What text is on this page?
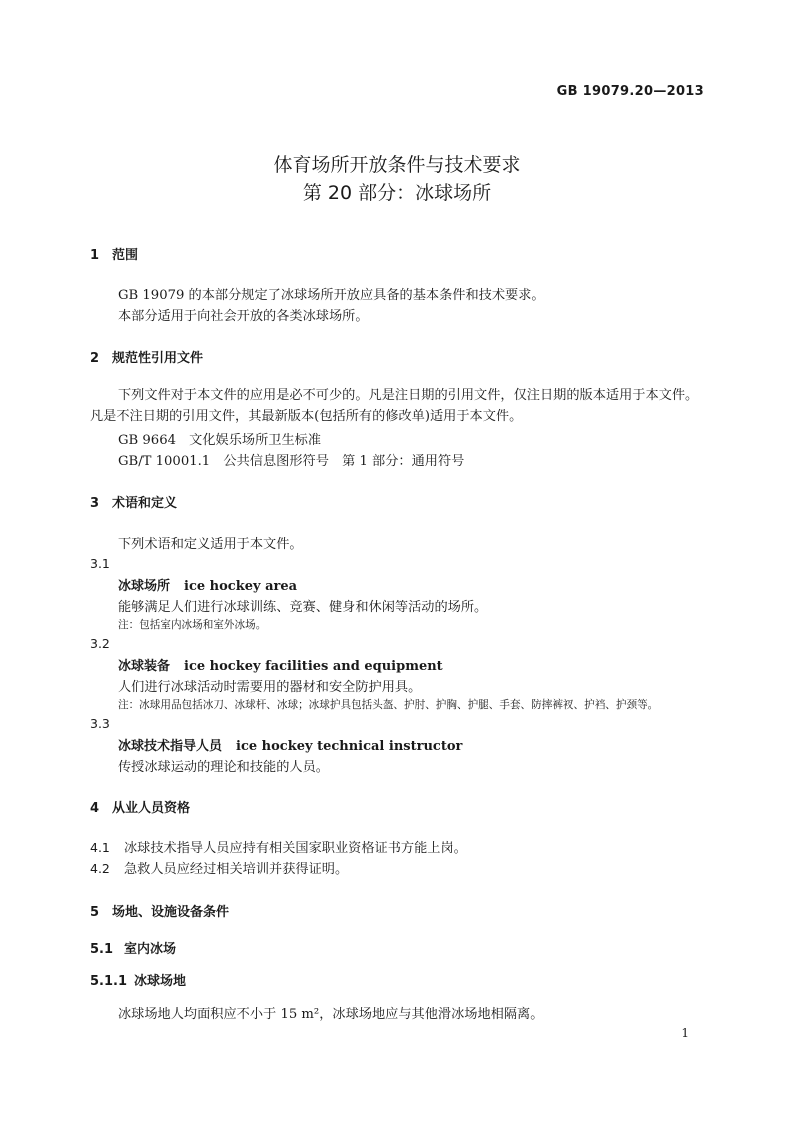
GB 19079.20—2013
体育场所开放条件与技术要求
第 20 部分：冰球场所
1 范围
GB 19079 的本部分规定了冰球场所开放应具备的基本条件和技术要求。
本部分适用于向社会开放的各类冰球场所。
2 规范性引用文件
下列文件对于本文件的应用是必不可少的。凡是注日期的引用文件，仅注日期的版本适用于本文件。凡是不注日期的引用文件，其最新版本(包括所有的修改单)适用于本文件。
GB 9664　文化娱乐场所卫生标准
GB/T 10001.1　公共信息图形符号　第 1 部分：通用符号
3 术语和定义
下列术语和定义适用于本文件。
3.1
冰球场所 ice hockey area
能够满足人们进行冰球训练、竞赛、健身和休闲等活动的场所。
注：包括室内冰场和室外冰场。
3.2
冰球装备 ice hockey facilities and equipment
人们进行冰球活动时需要用的器材和安全防护用具。
注：冰球用品包括冰刀、冰球杆、冰球；冰球护具包括头盔、护肘、护胸、护腿、手套、防摔裤衩、护裆、护颈等。
3.3
冰球技术指导人员 ice hockey technical instructor
传授冰球运动的理论和技能的人员。
4 从业人员资格
4.1 冰球技术指导人员应持有相关国家职业资格证书方能上岗。
4.2 急救人员应经过相关培训并获得证明。
5 场地、设施设备条件
5.1 室内冰场
5.1.1 冰球场地
冰球场地人均面积应不小于 15 m²，冰球场地应与其他滑冰场地相隔离。
1
